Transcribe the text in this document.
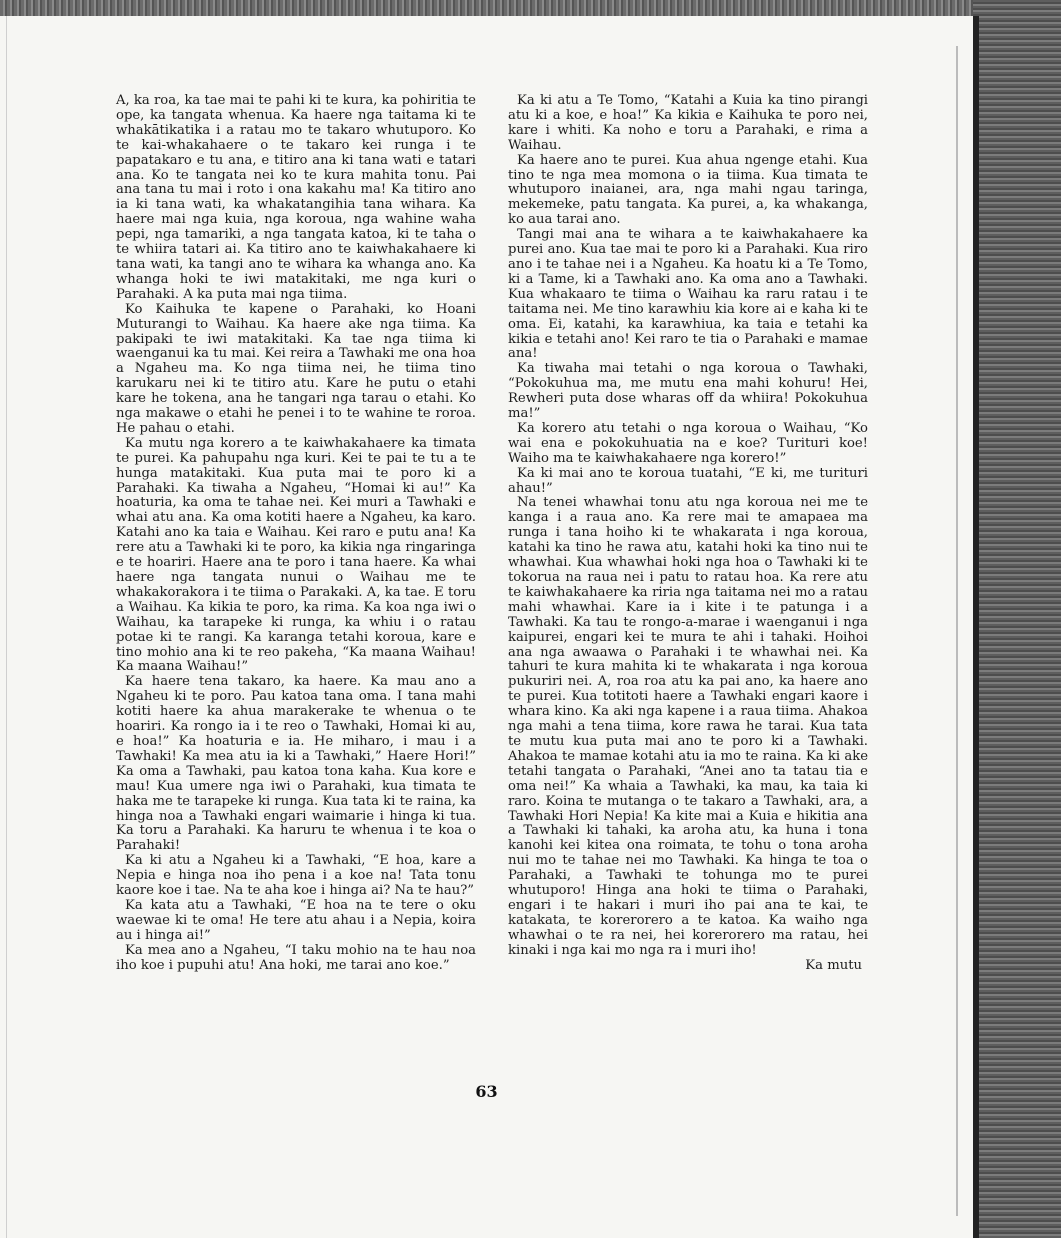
A, ka roa, ka tae mai te pahi ki te kura, ka pohiritia te ope, ka tangata whenua. Ka haere nga taitama ki te whakātikatika i a ratau mo te takaro whutuporo. Ko te kai-whakahaere o te takaro kei runga i te papatakaro e tu ana, e titiro ana ki tana wati e tatari ana. Ko te tangata nei ko te kura mahita tonu. Pai ana tana tu mai i roto i ona kakahu ma! Ka titiro ano ia ki tana wati, ka whakatangihia tana wihara. Ka haere mai nga kuia, nga koroua, nga wahine waha pepi, nga tamariki, a nga tangata katoa, ki te taha o te whiira tatari ai. Ka titiro ano te kaiwhakahaere ki tana wati, ka tangi ano te wihara ka whanga ano. Ka whanga hoki te iwi matakitaki, me nga kuri o Parahaki. A ka puta mai nga tiima.

Ko Kaihuka te kapene o Parahaki, ko Hoani Muturangi to Waihau. Ka haere ake nga tiima. Ka pakipaki te iwi matakitaki. Ka tae nga tiima ki waenganui ka tu mai. Kei reira a Tawhaki me ona hoa a Ngaheu ma. Ko nga tiima nei, he tiima tino karukaru nei ki te titiro atu. Kare he putu o etahi kare he tokena, ana he tangari nga tarau o etahi. Ko nga makawe o etahi he penei i to te wahine te roroa. He pahau o etahi.

Ka mutu nga korero a te kaiwhakahaere ka timata te purei. Ka pahupahu nga kuri. Kei te pai te tu a te hunga matakitaki. Kua puta mai te poro ki a Parahaki. Ka tiwaha a Ngaheu, “Homai ki au!” Ka hoaturia, ka oma te tahae nei. Kei muri a Tawhaki e whai atu ana. Ka oma kotiti haere a Ngaheu, ka karo. Katahi ano ka taia e Waihau. Kei raro e putu ana! Ka rere atu a Tawhaki ki te poro, ka kikia nga ringaringa e te hoariri. Haere ana te poro i tana haere. Ka whai haere nga tangata nunui o Waihau me te whakakorakora i te tiima o Parakaki. A, ka tae. E toru a Waihau. Ka kikia te poro, ka rima. Ka koa nga iwi o Waihau, ka tarapeke ki runga, ka whiu i o ratau potae ki te rangi. Ka karanga tetahi koroua, kare e tino mohio ana ki te reo pakeha, “Ka maana Waihau! Ka maana Waihau!”

Ka haere tena takaro, ka haere. Ka mau ano a Ngaheu ki te poro. Pau katoa tana oma. I tana mahi kotiti haere ka ahua marakerake te whenua o te hoariri. Ka rongo ia i te reo o Tawhaki, Homai ki au, e hoa!” Ka hoaturia e ia. He miharo, i mau i a Tawhaki! Ka mea atu ia ki a Tawhaki,” Haere Hori!” Ka oma a Tawhaki, pau katoa tona kaha. Kua kore e mau! Kua umere nga iwi o Parahaki, kua timata te haka me te tarapeke ki runga. Kua tata ki te raina, ka hinga noa a Tawhaki engari waimarie i hinga ki tua. Ka toru a Parahaki. Ka haruru te whenua i te koa o Parahaki!

Ka ki atu a Ngaheu ki a Tawhaki, “E hoa, kare a Nepia e hinga noa iho pena i a koe na! Tata tonu kaore koe i tae. Na te aha koe i hinga ai? Na te hau?”

Ka kata atu a Tawhaki, “E hoa na te tere o oku waewae ki te oma! He tere atu ahau i a Nepia, koira au i hinga ai!”

Ka mea ano a Ngaheu, “I taku mohio na te hau noa iho koe i pupuhi atu! Ana hoki, me tarai ano koe.”

Ka ki atu a Te Tomo, “Katahi a Kuia ka tino pirangi atu ki a koe, e hoa!” Ka kikia e Kaihuka te poro nei, kare i whiti. Ka noho e toru a Parahaki, e rima a Waihau.

Ka haere ano te purei. Kua ahua ngenge etahi. Kua tino te nga mea momona o ia tiima. Kua timata te whutuporo inaianei, ara, nga mahi ngau taringa, mekemeke, patu tangata. Ka purei, a, ka whakanga, ko aua tarai ano.

Tangi mai ana te wihara a te kaiwhakahaere ka purei ano. Kua tae mai te poro ki a Parahaki. Kua riro ano i te tahae nei i a Ngaheu. Ka hoatu ki a Te Tomo, ki a Tame, ki a Tawhaki ano. Ka oma ano a Tawhaki. Kua whakaaro te tiima o Waihau ka raru ratau i te taitama nei. Me tino karawhiu kia kore ai e kaha ki te oma. Ei, katahi, ka karawhiua, ka taia e tetahi ka kikia e tetahi ano! Kei raro te tia o Parahaki e mamae ana!

Ka tiwaha mai tetahi o nga koroua o Tawhaki, “Pokokuhua ma, me mutu ena mahi kohuru! Hei, Rewheri puta dose wharas off da whiira! Pokokuhua ma!”

Ka korero atu tetahi o nga koroua o Waihau, “Ko wai ena e pokokuhuatia na e koe? Turituri koe! Waiho ma te kaiwhakahaere nga korero!”

Ka ki mai ano te koroua tuatahi, “E ki, me turituri ahau!”

Na tenei whawhai tonu atu nga koroua nei me te kanga i a raua ano. Ka rere mai te amapaea ma runga i tana hoiho ki te whakarata i nga koroua, katahi ka tino he rawa atu, katahi hoki ka tino nui te whawhai. Kua whawhai hoki nga hoa o Tawhaki ki te tokorua na raua nei i patu to ratau hoa. Ka rere atu te kaiwhakahaere ka riria nga taitama nei mo a ratau mahi whawhai. Kare ia i kite i te patunga i a Tawhaki. Ka tau te rongo-a-marae i waenganui i nga kaipurei, engari kei te mura te ahi i tahaki. Hoihoi ana nga awaawa o Parahaki i te whawhai nei. Ka tahuri te kura mahita ki te whakarata i nga koroua pukuriri nei. A, roa roa atu ka pai ano, ka haere ano te purei. Kua totitoti haere a Tawhaki engari kaore i whara kino. Ka aki nga kapene i a raua tiima. Ahakoa nga mahi a tena tiima, kore rawa he tarai. Kua tata te mutu kua puta mai ano te poro ki a Tawhaki. Ahakoa te mamae kotahi atu ia mo te raina. Ka ki ake tetahi tangata o Parahaki, “Anei ano ta tatau tia e oma nei!” Ka whaia a Tawhaki, ka mau, ka taia ki raro. Koina te mutanga o te takaro a Tawhaki, ara, a Tawhaki Hori Nepia! Ka kite mai a Kuia e hikitia ana a Tawhaki ki tahaki, ka aroha atu, ka huna i tona kanohi kei kitea ona roimata, te tohu o tona aroha nui mo te tahae nei mo Tawhaki. Ka hinga te toa o Parahaki, a Tawhaki te tohunga mo te purei whutuporo! Hinga ana hoki te tiima o Parahaki, engari i te hakari i muri iho pai ana te kai, te katakata, te korerorero a te katoa. Ka waiho nga whawhai o te ra nei, hei korerorero ma ratau, hei kinaki i nga kai mo nga ra i muri iho!

Ka mutu

63
